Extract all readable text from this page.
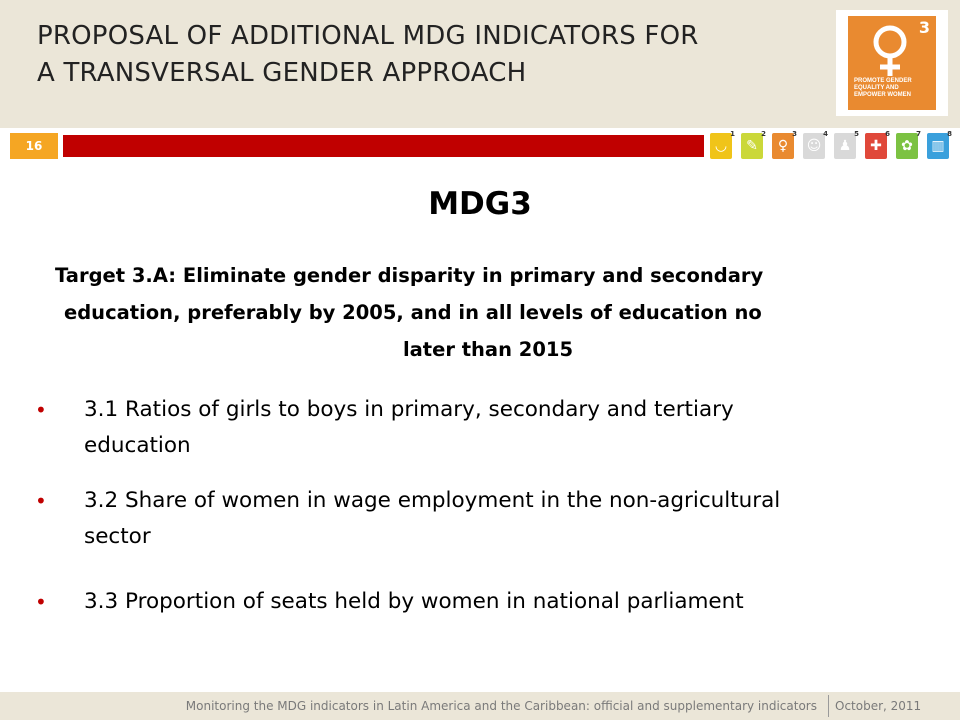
PROPOSAL OF ADDITIONAL MDG INDICATORS FOR
A TRANSVERSAL GENDER APPROACH
3
PROMOTE GENDER
EQUALITY AND
EMPOWER WOMEN
16	◡
1
✎
2
♀
3
☺
4
♟
5
✚
6
✿
7
▥
8
MDG3
Target 3.A: Eliminate gender disparity in primary and secondary
education, preferably by 2005, and in all levels of education no
later than 2015
• 3.1 Ratios of girls to boys in primary, secondary and tertiary
education
• 3.2 Share of women in wage employment in the non-agricultural
sector
• 3.3 Proportion of seats held by women in national parliament
Monitoring the MDG indicators in Latin America and the Caribbean: official and supplementary indicators October, 2011
